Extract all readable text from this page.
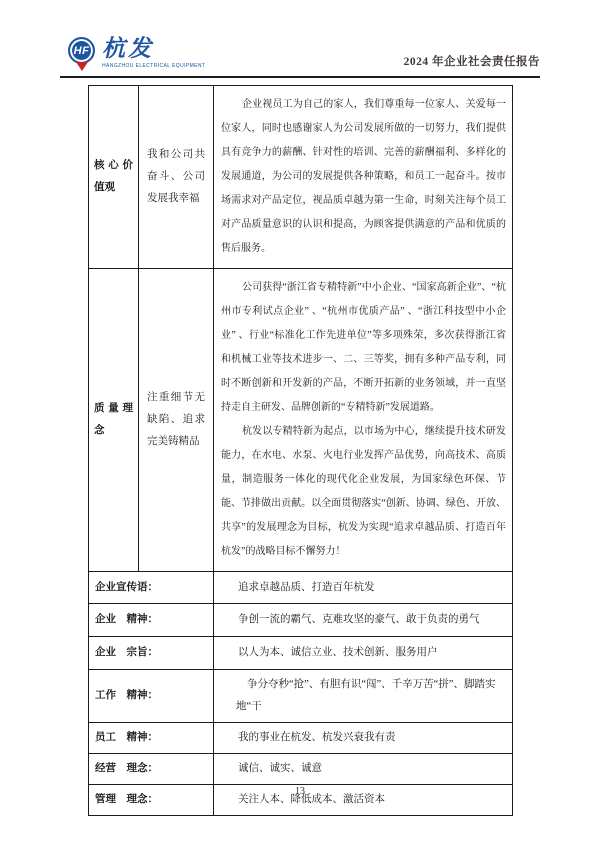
HF 杭发
HANGZHOU ELECTRICAL EQUIPMENT	2024 年企业社会责任报告
核心价值观	我和公司共奋斗、公司发展我幸福	企业视员工为自己的家人，我们尊重每一位家人、关爱每一位家人，同时也感谢家人为公司发展所做的一切努力，我们提供具有竞争力的薪酬、针对性的培训、完善的薪酬福利、多样化的发展通道，为公司的发展提供各种策略，和员工一起奋斗。按市场需求对产品定位，视品质卓越为第一生命，时刻关注每个员工对产品质量意识的认识和提高，为顾客提供满意的产品和优质的售后服务。

质量理念	注重细节无缺陷、追求完美铸精品	公司获得“浙江省专精特新”中小企业、“国家高新企业”、“杭州市专利试点企业” 、“杭州市优质产品” 、“浙江科技型中小企业” 、行业“标准化工作先进单位”等多项殊荣，多次获得浙江省和机械工业等技术进步一、二、三等奖，拥有多种产品专利，同时不断创新和开发新的产品，不断开拓新的业务领域，并一直坚持走自主研发、品牌创新的“专精特新”发展道路。

杭发以专精特新为起点，以市场为中心，继续提升技术研发能力，在水电、水泵、火电行业发挥产品优势，向高技术、高质量，制造服务一体化的现代化企业发展，为国家绿色环保、节能、节排做出贡献。以全面贯彻落实“创新、协调、绿色、开放、共享”的发展理念为目标，杭发为实现“追求卓越品质、打造百年杭发”的战略目标不懈努力！

企业宣传语：		追求卓越品质、打造百年杭发
企业　精神：		争创一流的霸气、克难攻坚的豪气、敢于负责的勇气
企业　宗旨：		以人为本、诚信立业、技术创新、服务用户
工作　精神：		争分夺秒“抢”、有胆有识“闯”、千辛万苦“拼”、脚踏实地“干
员工　精神：		我的事业在杭发、杭发兴衰我有责
经营　理念：		诚信、诚实、诚意
管理　理念：		关注人本、降低成本、激活资本
13
